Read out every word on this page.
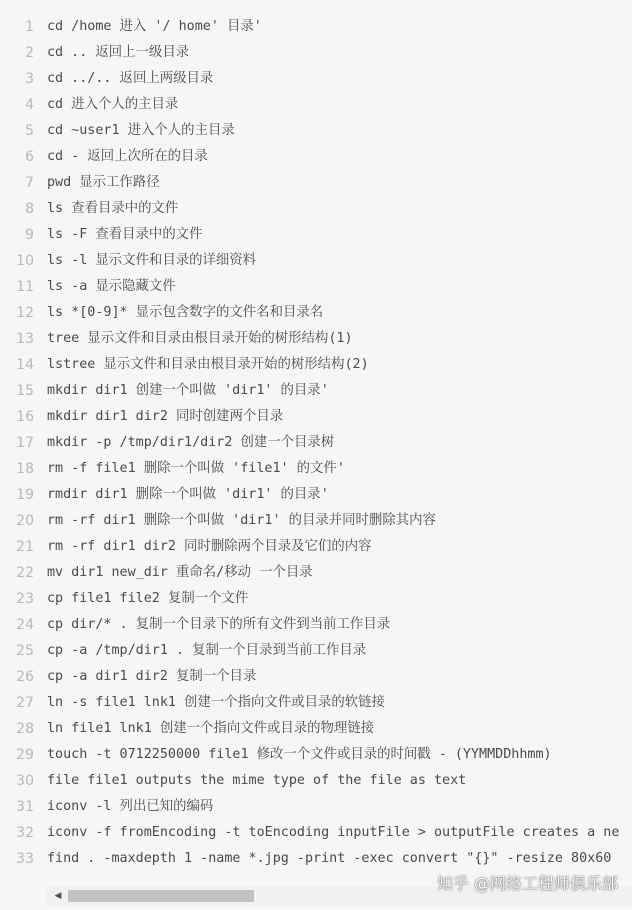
1 cd /home 进入 '/ home' 目录'
2 cd .. 返回上一级目录
3 cd ../.. 返回上两级目录
4 cd 进入个人的主目录
5 cd ~user1 进入个人的主目录
6 cd - 返回上次所在的目录
7 pwd 显示工作路径
8 ls 查看目录中的文件
9 ls -F 查看目录中的文件
10 ls -l 显示文件和目录的详细资料
11 ls -a 显示隐藏文件
12 ls *[0-9]* 显示包含数字的文件名和目录名
13 tree 显示文件和目录由根目录开始的树形结构(1)
14 lstree 显示文件和目录由根目录开始的树形结构(2)
15 mkdir dir1 创建一个叫做 'dir1' 的目录'
16 mkdir dir1 dir2 同时创建两个目录
17 mkdir -p /tmp/dir1/dir2 创建一个目录树
18 rm -f file1 删除一个叫做 'file1' 的文件'
19 rmdir dir1 删除一个叫做 'dir1' 的目录'
20 rm -rf dir1 删除一个叫做 'dir1' 的目录并同时删除其内容
21 rm -rf dir1 dir2 同时删除两个目录及它们的内容
22 mv dir1 new_dir 重命名/移动 一个目录
23 cp file1 file2 复制一个文件
24 cp dir/* . 复制一个目录下的所有文件到当前工作目录
25 cp -a /tmp/dir1 . 复制一个目录到当前工作目录
26 cp -a dir1 dir2 复制一个目录
27 ln -s file1 lnk1 创建一个指向文件或目录的软链接
28 ln file1 lnk1 创建一个指向文件或目录的物理链接
29 touch -t 0712250000 file1 修改一个文件或目录的时间戳 - (YYMMDDhhmm)
30 file file1 outputs the mime type of the file as text
31 iconv -l 列出已知的编码
32 iconv -f fromEncoding -t toEncoding inputFile > outputFile creates a ne
33 find . -maxdepth 1 -name *.jpg -print -exec convert "{}" -resize 80x60
◀
知乎 @网络工程师俱乐部
